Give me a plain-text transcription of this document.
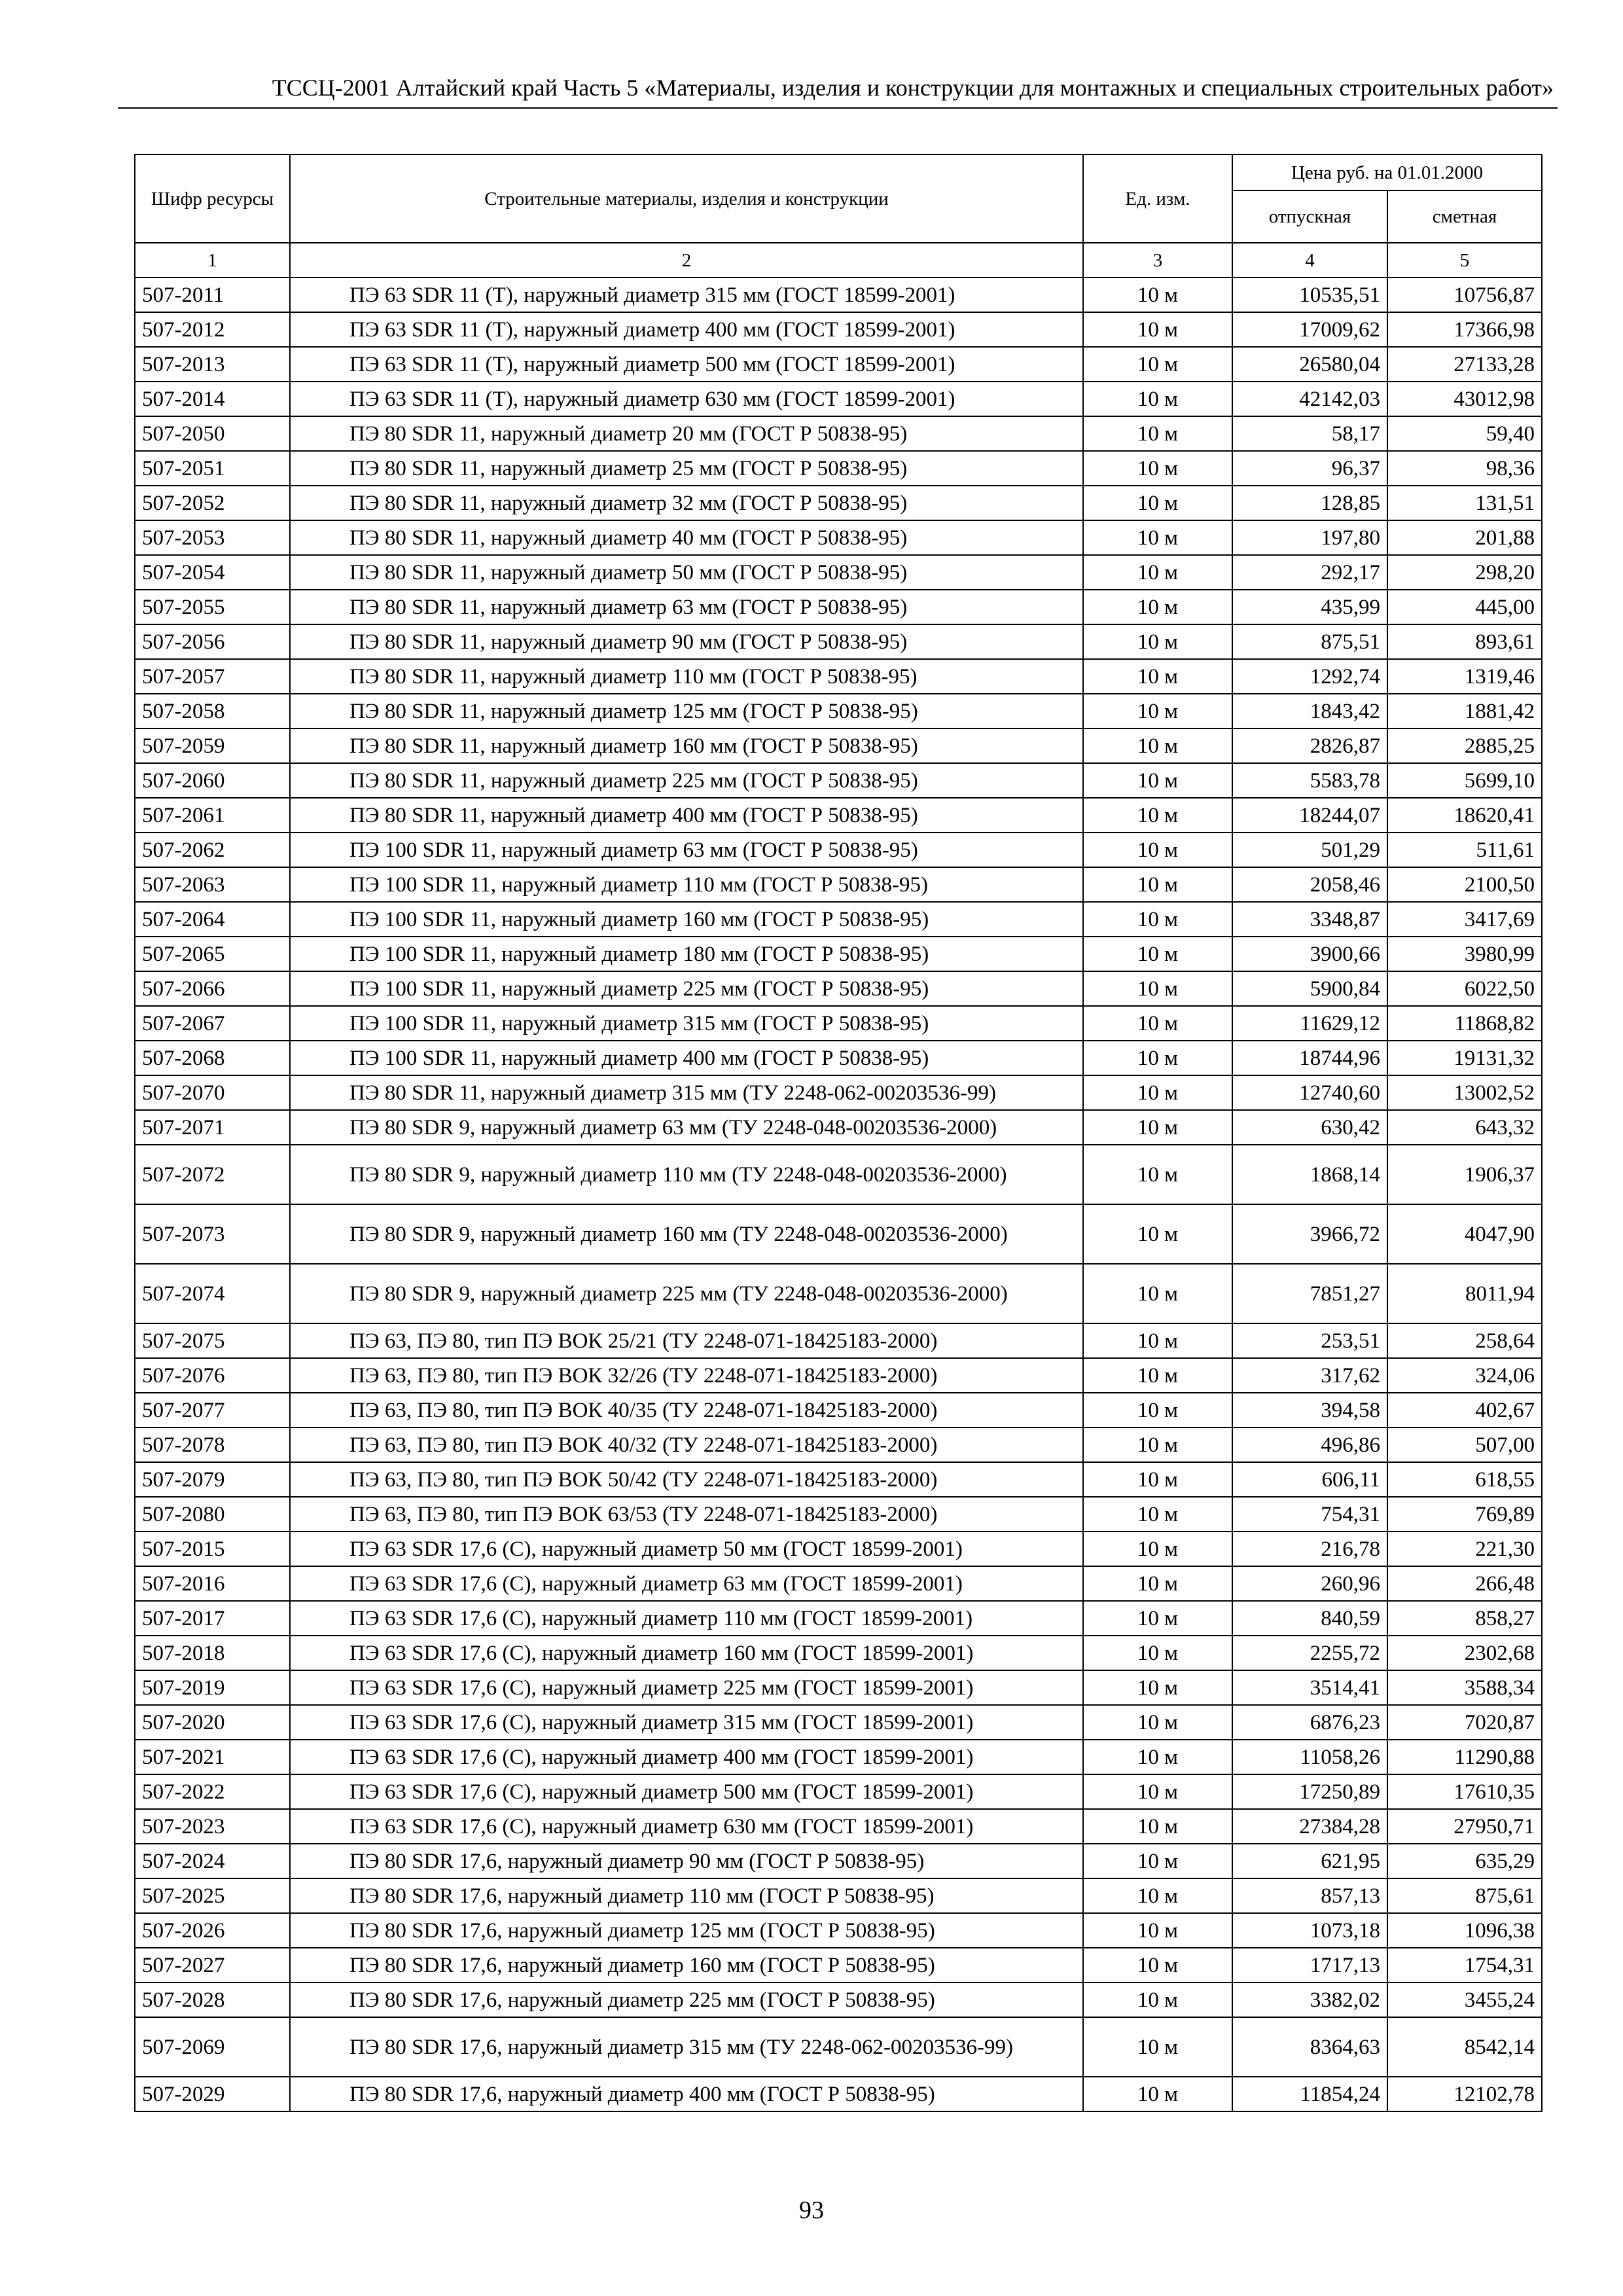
ТССЦ-2001 Алтайский край Часть 5 «Материалы, изделия и конструкции для монтажных и специальных строительных работ»
Шифр ресурсы	Строительные материалы, изделия и конструкции	Ед. изм.	Цена руб. на 01.01.2000	
			отпускная	сметная
1	2	3	4	5
507-2011	ПЭ 63 SDR 11 (Т), наружный диаметр 315 мм (ГОСТ 18599-2001)	10 м	10535,51	10756,87
507-2012	ПЭ 63 SDR 11 (Т), наружный диаметр 400 мм (ГОСТ 18599-2001)	10 м	17009,62	17366,98
507-2013	ПЭ 63 SDR 11 (Т), наружный диаметр 500 мм (ГОСТ 18599-2001)	10 м	26580,04	27133,28
507-2014	ПЭ 63 SDR 11 (Т), наружный диаметр 630 мм (ГОСТ 18599-2001)	10 м	42142,03	43012,98
507-2050	ПЭ 80 SDR 11, наружный диаметр 20 мм (ГОСТ Р 50838-95)	10 м	58,17	59,40
507-2051	ПЭ 80 SDR 11, наружный диаметр 25 мм (ГОСТ Р 50838-95)	10 м	96,37	98,36
507-2052	ПЭ 80 SDR 11, наружный диаметр 32 мм (ГОСТ Р 50838-95)	10 м	128,85	131,51
507-2053	ПЭ 80 SDR 11, наружный диаметр 40 мм (ГОСТ Р 50838-95)	10 м	197,80	201,88
507-2054	ПЭ 80 SDR 11, наружный диаметр 50 мм (ГОСТ Р 50838-95)	10 м	292,17	298,20
507-2055	ПЭ 80 SDR 11, наружный диаметр 63 мм (ГОСТ Р 50838-95)	10 м	435,99	445,00
507-2056	ПЭ 80 SDR 11, наружный диаметр 90 мм (ГОСТ Р 50838-95)	10 м	875,51	893,61
507-2057	ПЭ 80 SDR 11, наружный диаметр 110 мм (ГОСТ Р 50838-95)	10 м	1292,74	1319,46
507-2058	ПЭ 80 SDR 11, наружный диаметр 125 мм (ГОСТ Р 50838-95)	10 м	1843,42	1881,42
507-2059	ПЭ 80 SDR 11, наружный диаметр 160 мм (ГОСТ Р 50838-95)	10 м	2826,87	2885,25
507-2060	ПЭ 80 SDR 11, наружный диаметр 225 мм (ГОСТ Р 50838-95)	10 м	5583,78	5699,10
507-2061	ПЭ 80 SDR 11, наружный диаметр 400 мм (ГОСТ Р 50838-95)	10 м	18244,07	18620,41
507-2062	ПЭ 100 SDR 11, наружный диаметр 63 мм (ГОСТ Р 50838-95)	10 м	501,29	511,61
507-2063	ПЭ 100 SDR 11, наружный диаметр 110 мм (ГОСТ Р 50838-95)	10 м	2058,46	2100,50
507-2064	ПЭ 100 SDR 11, наружный диаметр 160 мм (ГОСТ Р 50838-95)	10 м	3348,87	3417,69
507-2065	ПЭ 100 SDR 11, наружный диаметр 180 мм (ГОСТ Р 50838-95)	10 м	3900,66	3980,99
507-2066	ПЭ 100 SDR 11, наружный диаметр 225 мм (ГОСТ Р 50838-95)	10 м	5900,84	6022,50
507-2067	ПЭ 100 SDR 11, наружный диаметр 315 мм (ГОСТ Р 50838-95)	10 м	11629,12	11868,82
507-2068	ПЭ 100 SDR 11, наружный диаметр 400 мм (ГОСТ Р 50838-95)	10 м	18744,96	19131,32
507-2070	ПЭ 80 SDR 11, наружный диаметр 315 мм (ТУ 2248-062-00203536-99)	10 м	12740,60	13002,52
507-2071	ПЭ 80 SDR 9, наружный диаметр 63 мм (ТУ 2248-048-00203536-2000)	10 м	630,42	643,32
507-2072	ПЭ 80 SDR 9, наружный диаметр 110 мм (ТУ 2248-048-00203536-2000)	10 м	1868,14	1906,37
507-2073	ПЭ 80 SDR 9, наружный диаметр 160 мм (ТУ 2248-048-00203536-2000)	10 м	3966,72	4047,90
507-2074	ПЭ 80 SDR 9, наружный диаметр 225 мм (ТУ 2248-048-00203536-2000)	10 м	7851,27	8011,94
507-2075	ПЭ 63, ПЭ 80, тип ПЭ ВОК 25/21 (ТУ 2248-071-18425183-2000)	10 м	253,51	258,64
507-2076	ПЭ 63, ПЭ 80, тип ПЭ ВОК 32/26 (ТУ 2248-071-18425183-2000)	10 м	317,62	324,06
507-2077	ПЭ 63, ПЭ 80, тип ПЭ ВОК 40/35 (ТУ 2248-071-18425183-2000)	10 м	394,58	402,67
507-2078	ПЭ 63, ПЭ 80, тип ПЭ ВОК 40/32 (ТУ 2248-071-18425183-2000)	10 м	496,86	507,00
507-2079	ПЭ 63, ПЭ 80, тип ПЭ ВОК 50/42 (ТУ 2248-071-18425183-2000)	10 м	606,11	618,55
507-2080	ПЭ 63, ПЭ 80, тип ПЭ ВОК 63/53 (ТУ 2248-071-18425183-2000)	10 м	754,31	769,89
507-2015	ПЭ 63 SDR 17,6 (С), наружный диаметр 50 мм (ГОСТ 18599-2001)	10 м	216,78	221,30
507-2016	ПЭ 63 SDR 17,6 (С), наружный диаметр 63 мм (ГОСТ 18599-2001)	10 м	260,96	266,48
507-2017	ПЭ 63 SDR 17,6 (С), наружный диаметр 110 мм (ГОСТ 18599-2001)	10 м	840,59	858,27
507-2018	ПЭ 63 SDR 17,6 (С), наружный диаметр 160 мм (ГОСТ 18599-2001)	10 м	2255,72	2302,68
507-2019	ПЭ 63 SDR 17,6 (С), наружный диаметр 225 мм (ГОСТ 18599-2001)	10 м	3514,41	3588,34
507-2020	ПЭ 63 SDR 17,6 (С), наружный диаметр 315 мм (ГОСТ 18599-2001)	10 м	6876,23	7020,87
507-2021	ПЭ 63 SDR 17,6 (С), наружный диаметр 400 мм (ГОСТ 18599-2001)	10 м	11058,26	11290,88
507-2022	ПЭ 63 SDR 17,6 (С), наружный диаметр 500 мм (ГОСТ 18599-2001)	10 м	17250,89	17610,35
507-2023	ПЭ 63 SDR 17,6 (С), наружный диаметр 630 мм (ГОСТ 18599-2001)	10 м	27384,28	27950,71
507-2024	ПЭ 80 SDR 17,6, наружный диаметр 90 мм (ГОСТ Р 50838-95)	10 м	621,95	635,29
507-2025	ПЭ 80 SDR 17,6, наружный диаметр 110 мм (ГОСТ Р 50838-95)	10 м	857,13	875,61
507-2026	ПЭ 80 SDR 17,6, наружный диаметр 125 мм (ГОСТ Р 50838-95)	10 м	1073,18	1096,38
507-2027	ПЭ 80 SDR 17,6, наружный диаметр 160 мм (ГОСТ Р 50838-95)	10 м	1717,13	1754,31
507-2028	ПЭ 80 SDR 17,6, наружный диаметр 225 мм (ГОСТ Р 50838-95)	10 м	3382,02	3455,24
507-2069	ПЭ 80 SDR 17,6, наружный диаметр 315 мм (ТУ 2248-062-00203536-99)	10 м	8364,63	8542,14
507-2029	ПЭ 80 SDR 17,6, наружный диаметр 400 мм (ГОСТ Р 50838-95)	10 м	11854,24	12102,78
93
